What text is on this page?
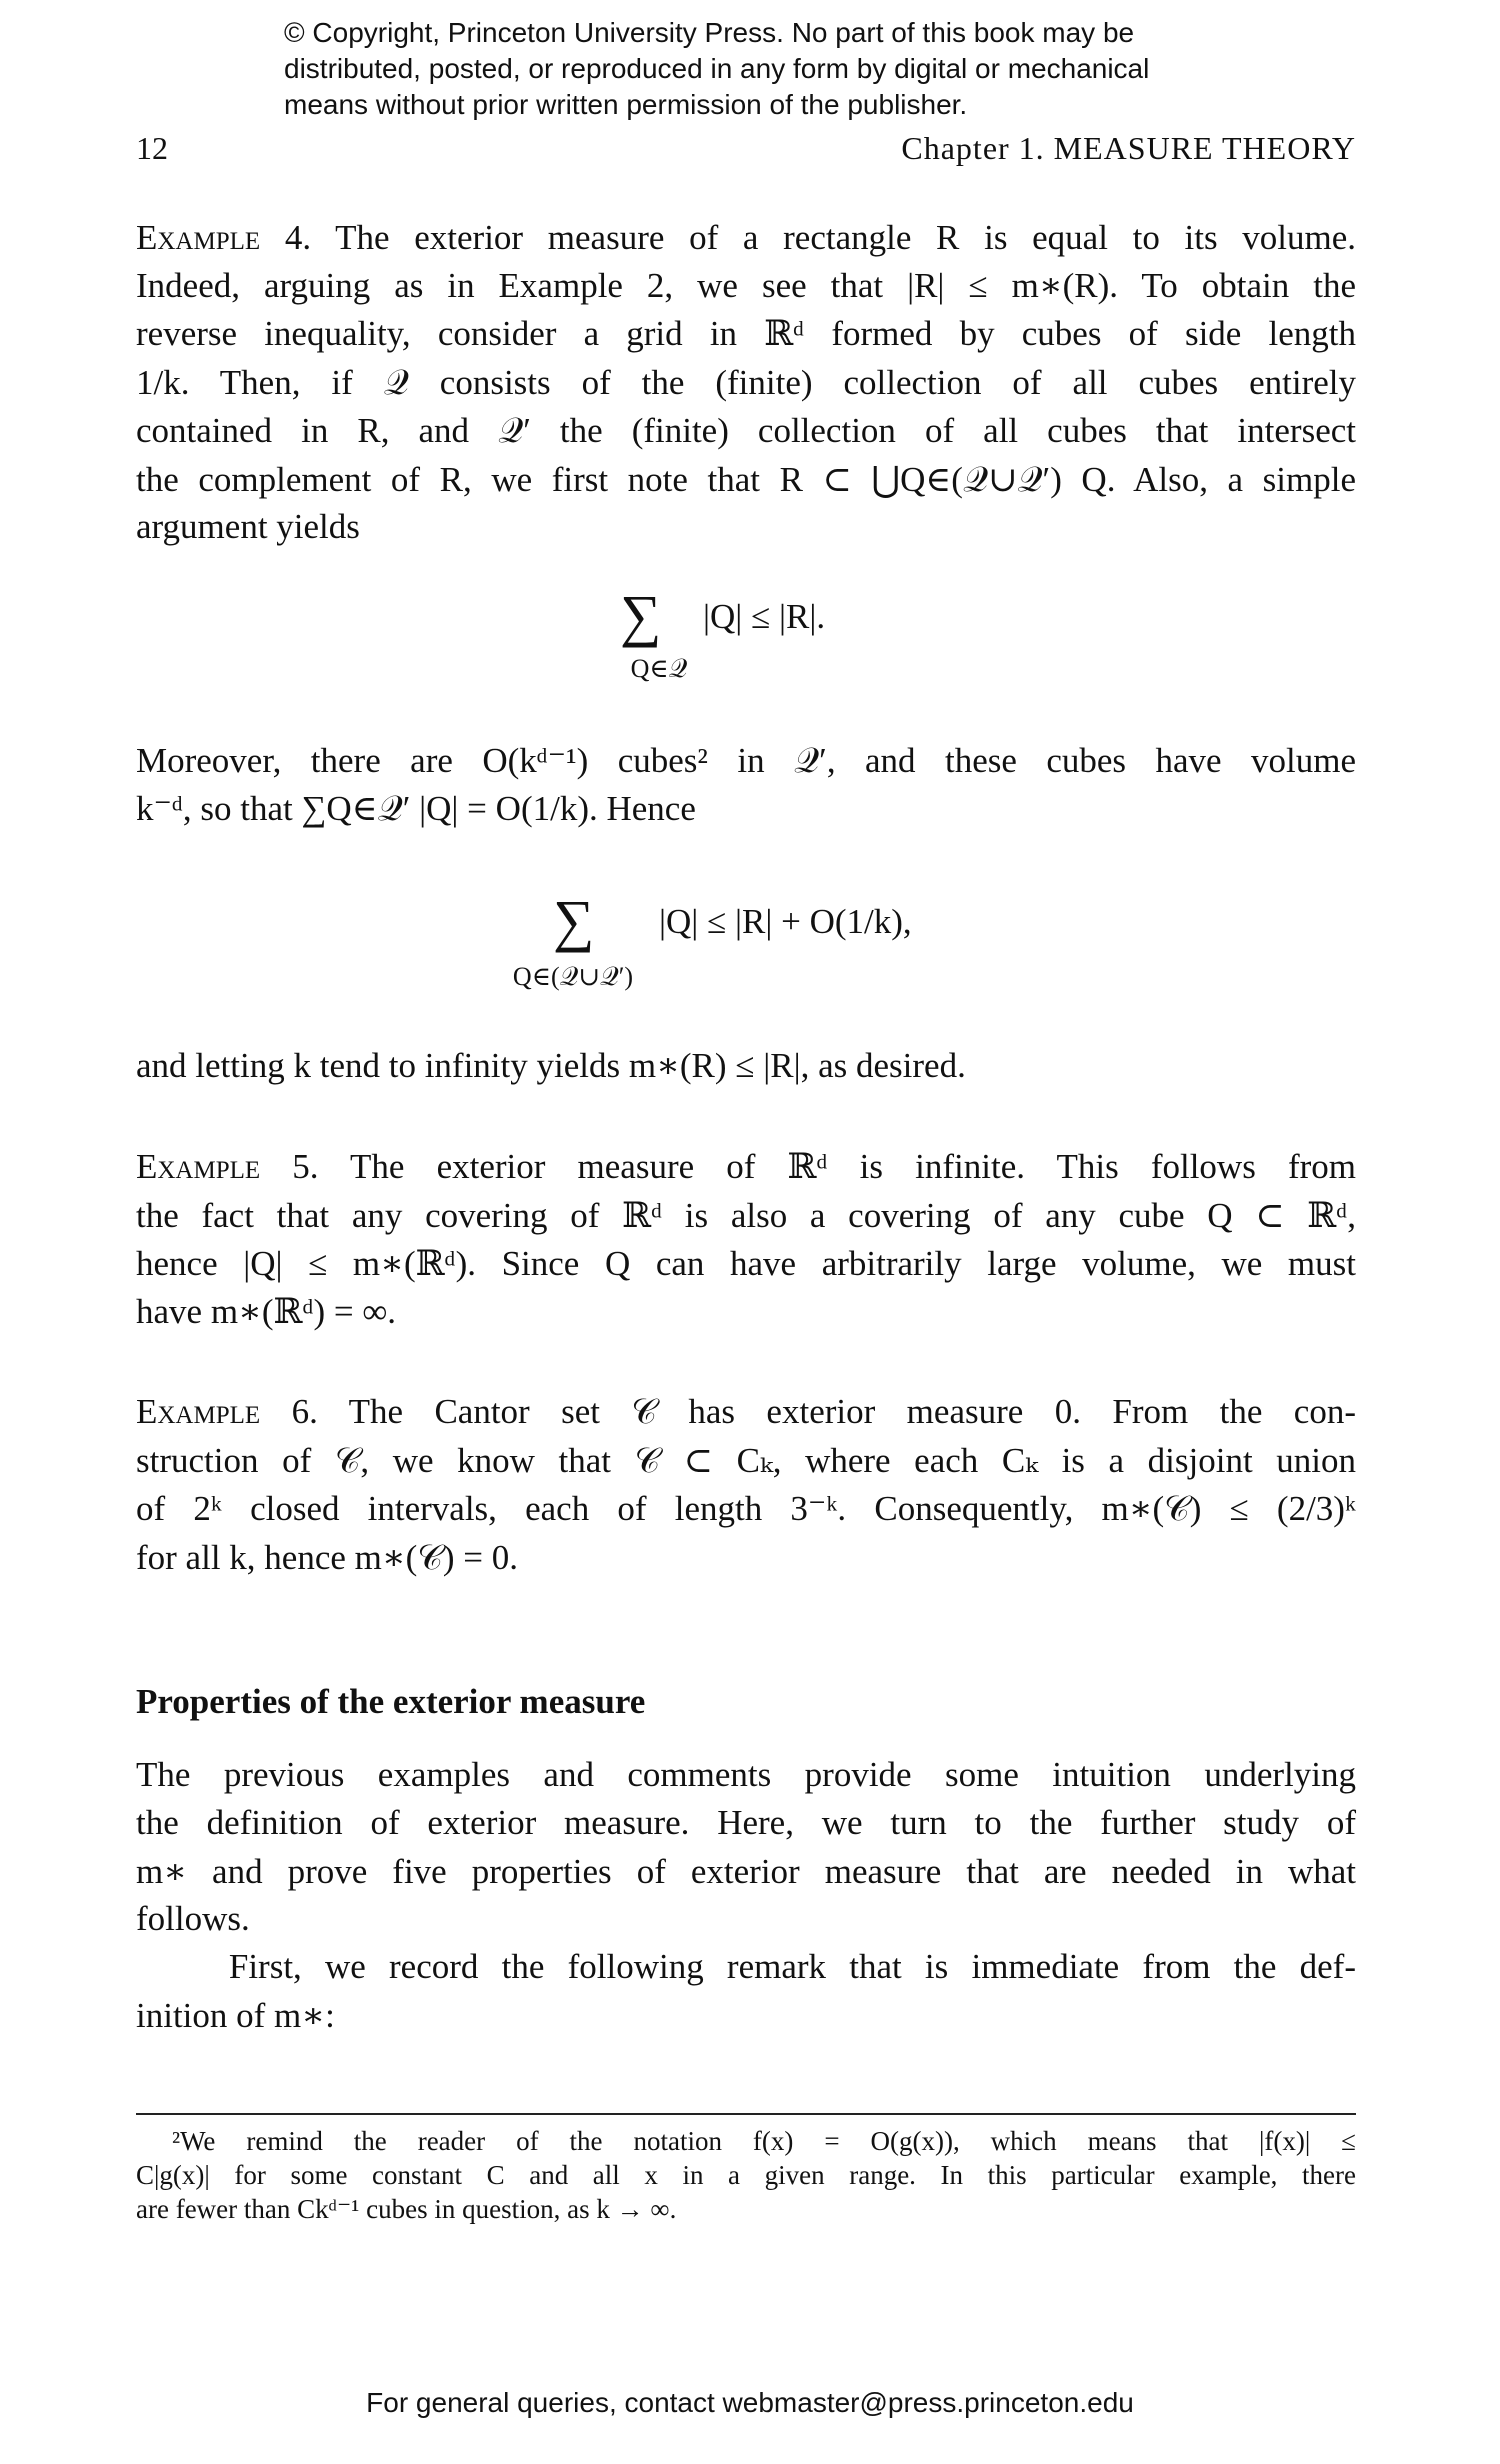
© Copyright, Princeton University Press. No part of this book may be
distributed, posted, or reproduced in any form by digital or mechanical
means without prior written permission of the publisher.
12	Chapter 1. MEASURE THEORY
Example 4. The exterior measure of a rectangle R is equal to its volume.
Indeed, arguing as in Example 2, we see that |R| ≤ m∗(R). To obtain the
reverse inequality, consider a grid in ℝᵈ formed by cubes of side length
1/k. Then, if 𝒬 consists of the (finite) collection of all cubes entirely
contained in R, and 𝒬′ the (finite) collection of all cubes that intersect
the complement of R, we first note that R ⊂ ⋃Q∈(𝒬∪𝒬′) Q. Also, a simple
argument yields
∑ |Q| ≤ |R|.
Q∈𝒬
Moreover, there are O(kᵈ⁻¹) cubes² in 𝒬′, and these cubes have volume
k⁻ᵈ, so that ∑Q∈𝒬′ |Q| = O(1/k). Hence
∑ |Q| ≤ |R| + O(1/k),
Q∈(𝒬∪𝒬′)
and letting k tend to infinity yields m∗(R) ≤ |R|, as desired.
Example 5. The exterior measure of ℝᵈ is infinite. This follows from
the fact that any covering of ℝᵈ is also a covering of any cube Q ⊂ ℝᵈ,
hence |Q| ≤ m∗(ℝᵈ). Since Q can have arbitrarily large volume, we must
have m∗(ℝᵈ) = ∞.
Example 6. The Cantor set 𝒞 has exterior measure 0. From the con-
struction of 𝒞, we know that 𝒞 ⊂ Cₖ, where each Cₖ is a disjoint union
of 2ᵏ closed intervals, each of length 3⁻ᵏ. Consequently, m∗(𝒞) ≤ (2/3)ᵏ
for all k, hence m∗(𝒞) = 0.
Properties of the exterior measure
The previous examples and comments provide some intuition underlying
the definition of exterior measure. Here, we turn to the further study of
m∗ and prove five properties of exterior measure that are needed in what
follows.
First, we record the following remark that is immediate from the def-
inition of m∗:
²We remind the reader of the notation f(x) = O(g(x)), which means that |f(x)| ≤
C|g(x)| for some constant C and all x in a given range. In this particular example, there
are fewer than Ckᵈ⁻¹ cubes in question, as k → ∞.
For general queries, contact webmaster@press.princeton.edu
